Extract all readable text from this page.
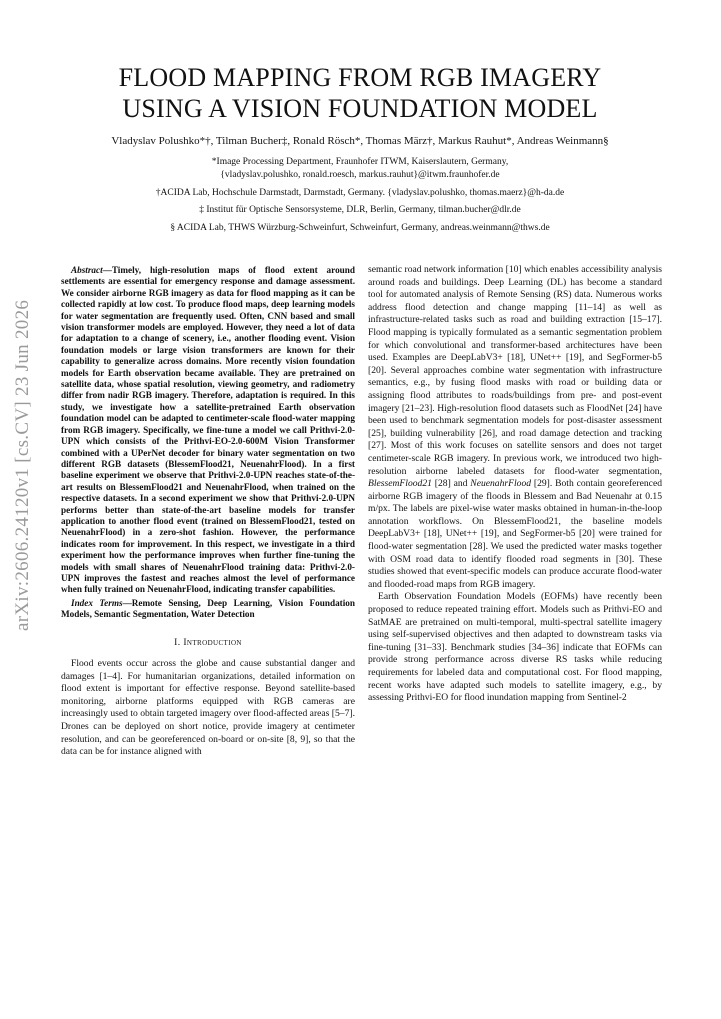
arXiv:2606.24120v1 [cs.CV] 23 Jun 2026
FLOOD MAPPING FROM RGB IMAGERY
USING A VISION FOUNDATION MODEL
Vladyslav Polushko*†, Tilman Bucher‡, Ronald Rösch*, Thomas März†, Markus Rauhut*, Andreas Weinmann§
*Image Processing Department, Fraunhofer ITWM, Kaiserslautern, Germany,
{vladyslav.polushko, ronald.roesch, markus.rauhut}@itwm.fraunhofer.de
†ACIDA Lab, Hochschule Darmstadt, Darmstadt, Germany. {vladyslav.polushko, thomas.maerz}@h-da.de
‡ Institut für Optische Sensorsysteme, DLR, Berlin, Germany, tilman.bucher@dlr.de
§ ACIDA Lab, THWS Würzburg-Schweinfurt, Schweinfurt, Germany, andreas.weinmann@thws.de

Abstract—Timely, high-resolution maps of flood extent around settlements are essential for emergency response and damage assessment. We consider airborne RGB imagery as data for flood mapping as it can be collected rapidly at low cost. To produce flood maps, deep learning models for water segmentation are frequently used. Often, CNN based and small vision transformer models are employed. However, they need a lot of data for adaptation to a change of scenery, i.e., another flooding event. Vision foundation models or large vision transformers are known for their capability to generalize across domains. More recently vision foundation models for Earth observation became available. They are pretrained on satellite data, whose spatial resolution, viewing geometry, and radiometry differ from nadir RGB imagery. Therefore, adaptation is required. In this study, we investigate how a satellite-pretrained Earth observation foundation model can be adapted to centimeter-scale flood-water mapping from RGB imagery. Specifically, we fine-tune a model we call Prithvi-2.0-UPN which consists of the Prithvi-EO-2.0-600M Vision Transformer combined with a UPerNet decoder for binary water segmentation on two different RGB datasets (BlessemFlood21, NeuenahrFlood). In a first baseline experiment we observe that Prithvi-2.0-UPN reaches state-of-the-art results on BlessemFlood21 and NeuenahrFlood, when trained on the respective datasets. In a second experiment we show that Prithvi-2.0-UPN performs better than state-of-the-art baseline models for transfer application to another flood event (trained on BlessemFlood21, tested on NeuenahrFlood) in a zero-shot fashion. However, the performance indicates room for improvement. In this respect, we investigate in a third experiment how the performance improves when further fine-tuning the models with small shares of NeuenahrFlood training data: Prithvi-2.0-UPN improves the fastest and reaches almost the level of performance when fully trained on NeuenahrFlood, indicating transfer capabilities.

Index Terms—Remote Sensing, Deep Learning, Vision Foundation Models, Semantic Segmentation, Water Detection

I. Introduction

Flood events occur across the globe and cause substantial danger and damages [1–4]. For humanitarian organizations, detailed information on flood extent is important for effective response. Beyond satellite-based monitoring, airborne platforms equipped with RGB cameras are increasingly used to obtain targeted imagery over flood-affected areas [5–7]. Drones can be deployed on short notice, provide imagery at centimeter resolution, and can be georeferenced on-board or on-site [8, 9], so that the data can be for instance aligned with

semantic road network information [10] which enables accessibility analysis around roads and buildings. Deep Learning (DL) has become a standard tool for automated analysis of Remote Sensing (RS) data. Numerous works address flood detection and change mapping [11–14] as well as infrastructure-related tasks such as road and building extraction [15–17]. Flood mapping is typically formulated as a semantic segmentation problem for which convolutional and transformer-based architectures have been used. Examples are DeepLabV3+ [18], UNet++ [19], and SegFormer-b5 [20]. Several approaches combine water segmentation with infrastructure semantics, e.g., by fusing flood masks with road or building data or assigning flood attributes to roads/buildings from pre- and post-event imagery [21–23]. High-resolution flood datasets such as FloodNet [24] have been used to benchmark segmentation models for post-disaster assessment [25], building vulnerability [26], and road damage detection and tracking [27]. Most of this work focuses on satellite sensors and does not target centimeter-scale RGB imagery. In previous work, we introduced two high-resolution airborne labeled datasets for flood-water segmentation, BlessemFlood21 [28] and NeuenahrFlood [29]. Both contain georeferenced airborne RGB imagery of the floods in Blessem and Bad Neuenahr at 0.15 m/px. The labels are pixel-wise water masks obtained in human-in-the-loop annotation workflows. On BlessemFlood21, the baseline models DeepLabV3+ [18], UNet++ [19], and SegFormer-b5 [20] were trained for flood-water segmentation [28]. We used the predicted water masks together with OSM road data to identify flooded road segments in [30]. These studies showed that event-specific models can produce accurate flood-water and flooded-road maps from RGB imagery.

Earth Observation Foundation Models (EOFMs) have recently been proposed to reduce repeated training effort. Models such as Prithvi-EO and SatMAE are pretrained on multi-temporal, multi-spectral satellite imagery using self-supervised objectives and then adapted to downstream tasks via fine-tuning [31–33]. Benchmark studies [34–36] indicate that EOFMs can provide strong performance across diverse RS tasks while reducing requirements for labeled data and computational cost. For flood mapping, recent works have adapted such models to satellite imagery, e.g., by assessing Prithvi-EO for flood inundation mapping from Sentinel-2
